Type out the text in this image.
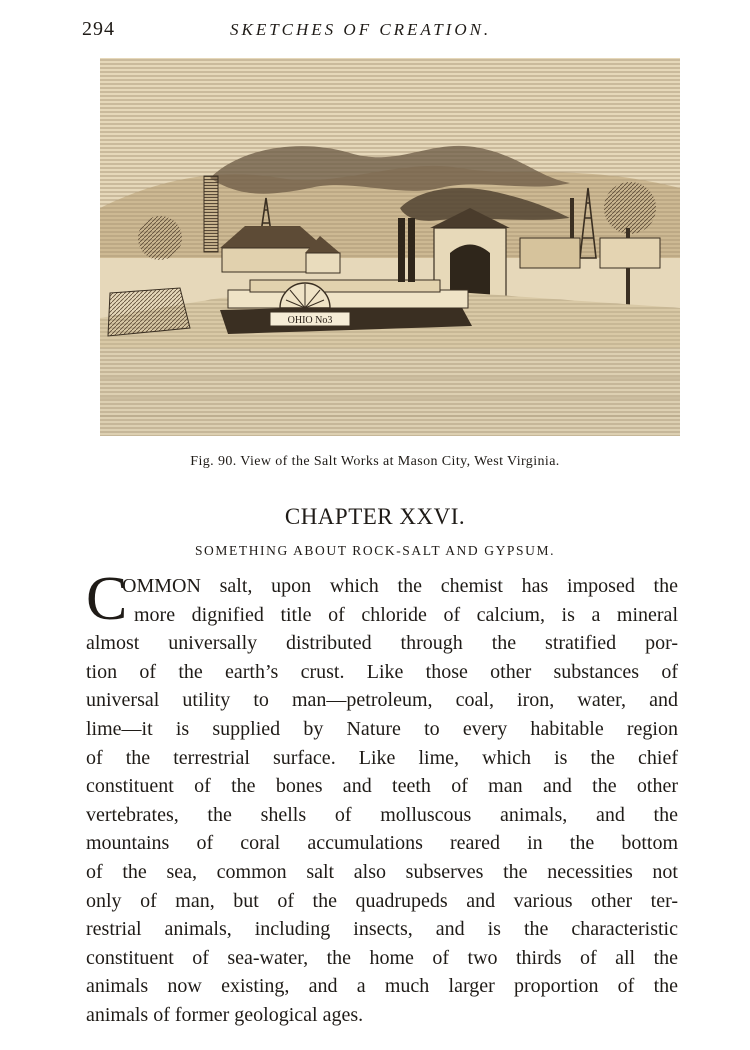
294	SKETCHES OF CREATION.
OHIO No3
Fig. 90. View of the Salt Works at Mason City, West Virginia.
CHAPTER XXVI.
SOMETHING ABOUT ROCK-SALT AND GYPSUM.
C
OMMON salt, upon which the chemist has imposed the
more dignified title of chloride of calcium, is a mineral
almost universally distributed through the stratified por-
tion of the earth’s crust. Like those other substances of
universal utility to man—petroleum, coal, iron, water, and
lime—it is supplied by Nature to every habitable region
of the terrestrial surface. Like lime, which is the chief
constituent of the bones and teeth of man and the other
vertebrates, the shells of molluscous animals, and the
mountains of coral accumulations reared in the bottom
of the sea, common salt also subserves the necessities not
only of man, but of the quadrupeds and various other ter-
restrial animals, including insects, and is the characteristic
constituent of sea-water, the home of two thirds of all the
animals now existing, and a much larger proportion of the
animals of former geological ages.
